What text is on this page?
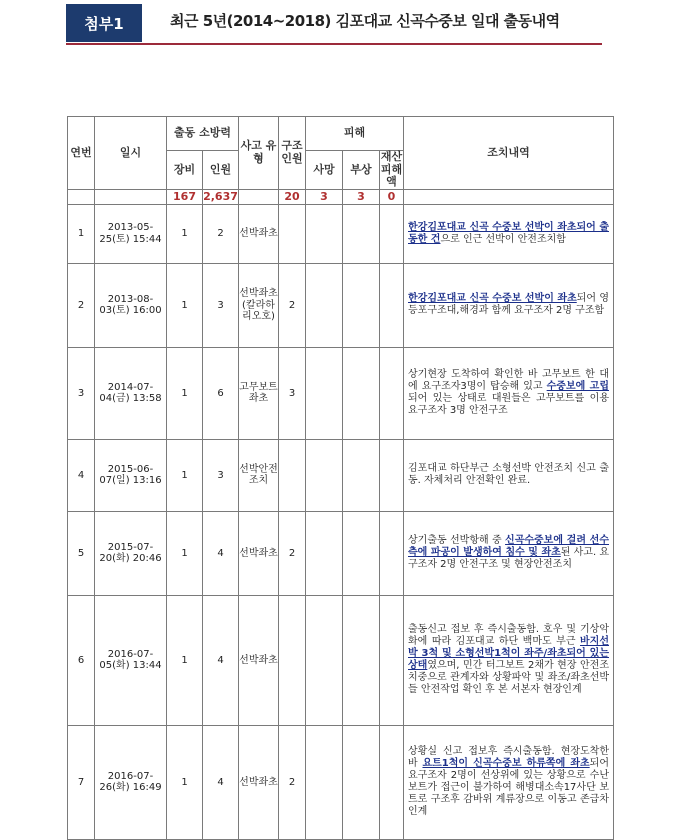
첨부1	최근 5년(2014~2018) 김포대교 신곡수중보 일대 출동내역
연번	일시	출동 소방력		사고 유형	구조 인원	피해			조치내역
		장비	인원			사망	부상	재산 피해액	
		167	2,637		20	3	3	0	
1	2013-05-25(토) 15:44	1	2	선박좌초					한강김포대교 신곡 수중보 선박이 좌초되어 출동한 건으로 인근 선박이 안전조치함
2	2013-08-03(토) 16:00	1	3	선박좌초(칼라하리오호)	2				한강김포대교 신곡 수중보 선박이 좌초되어 영등포구조대,해경과 함께 요구조자 2명 구조함
3	2014-07-04(금) 13:58	1	6	고무보트좌초	3				상기현장 도착하여 확인한 바 고무보트 한 대에 요구조자3명이 탑승해 있고 수중보에 고립되어 있는 상태로 대원들은 고무보트를 이용 요구조자 3명 안전구조
4	2015-06-07(일) 13:16	1	3	선박안전조치					김포대교 하단부근 소형선박 안전조치 신고 출동. 자체처리 안전확인 완료.
5	2015-07-20(화) 20:46	1	4	선박좌초	2				상기출동 선박항해 중 신곡수중보에 걸려 선수측에 파공이 발생하여 침수 및 좌초된 사고. 요구조자 2명 안전구조 및 현장안전조치
6	2016-07-05(화) 13:44	1	4	선박좌초					출동신고 접보 후 즉시출동함. 호우 및 기상악화에 따라 김포대교 하단 백마도 부근 바지선박 3척 및 소형선박1척이 좌주/좌초되어 있는 상태였으며, 민간 터그보트 2채가 현장 안전조치중으로 관계자와 상황파악 및 좌조/좌초선박들 안전작업 확인 후 본 서본자 현장인계
7	2016-07-26(화) 16:49	1	4	선박좌초	2				상황실 신고 접보후 즉시출동함. 현장도착한 바 요트1척이 신곡수중보 하류쪽에 좌초되어 요구조자 2명이 선상위에 있는 상황으로 수난보트가 접근이 불가하여 해병대소속17사단 보트로 구조후 감바위 계류장으로 이동고 존급차인계
